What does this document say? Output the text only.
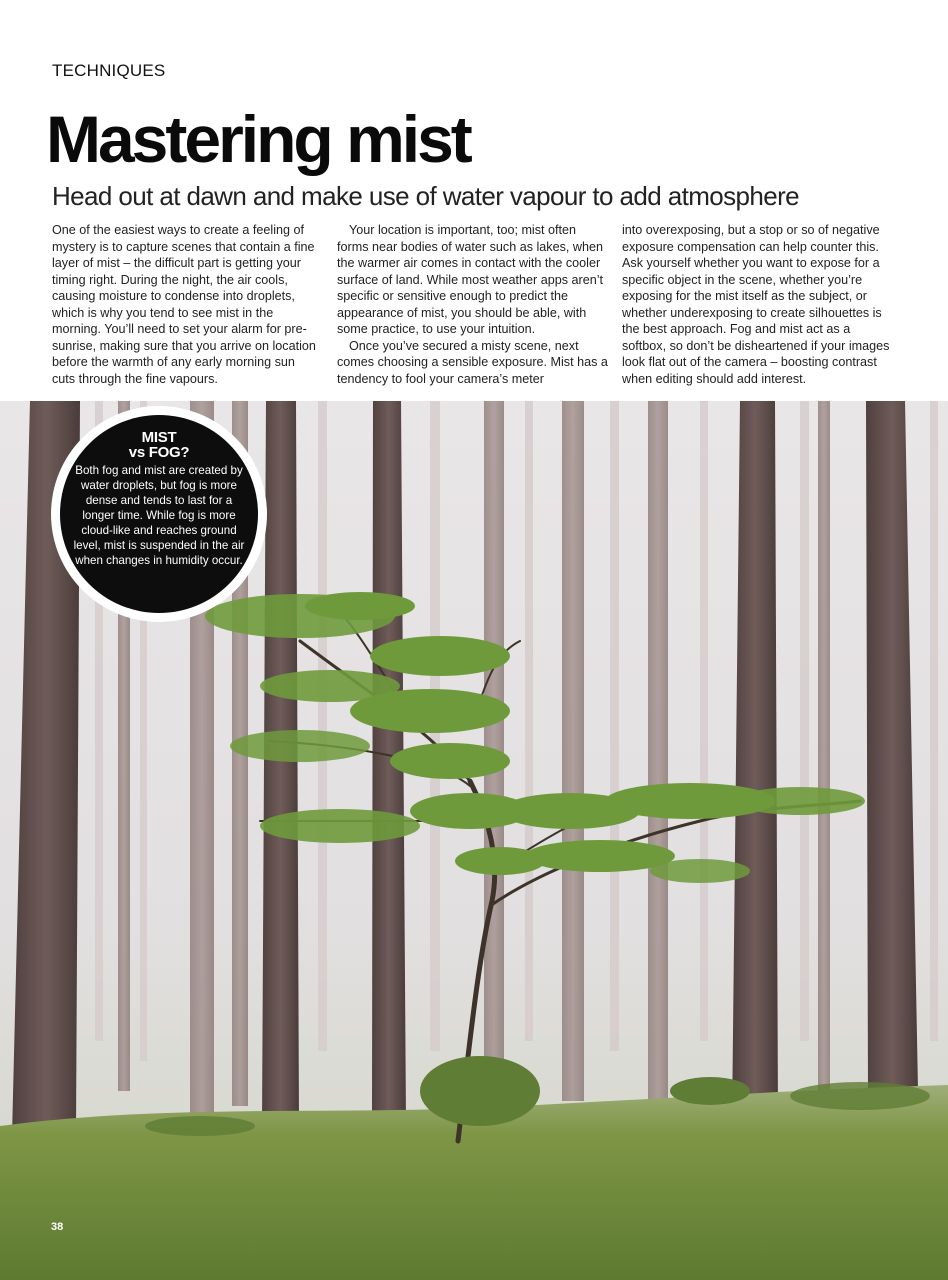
TECHNIQUES
Mastering mist
Head out at dawn and make use of water vapour to add atmosphere

One of the easiest ways to create a feeling of mystery is to capture scenes that contain a fine layer of mist – the difficult part is getting your timing right. During the night, the air cools, causing moisture to condense into droplets, which is why you tend to see mist in the morning. You’ll need to set your alarm for pre-sunrise, making sure that you arrive on location before the warmth of any early morning sun cuts through the fine vapours.

Your location is important, too; mist often forms near bodies of water such as lakes, when the warmer air comes in contact with the cooler surface of land. While most weather apps aren’t specific or sensitive enough to predict the appearance of mist, you should be able, with some practice, to use your intuition.

Once you’ve secured a misty scene, next comes choosing a sensible exposure. Mist has a tendency to fool your camera’s meter

into overexposing, but a stop or so of negative exposure compensation can help counter this. Ask yourself whether you want to expose for a specific object in the scene, whether you’re exposing for the mist itself as the subject, or whether underexposing to create silhouettes is the best approach. Fog and mist act as a softbox, so don’t be disheartened if your images look flat out of the camera – boosting contrast when editing should add interest.

MIST
vs FOG?
Both fog and mist are created by water droplets, but fog is more dense and tends to last for a longer time. While fog is more cloud-like and reaches ground level, mist is suspended in the air when changes in humidity occur.
38
